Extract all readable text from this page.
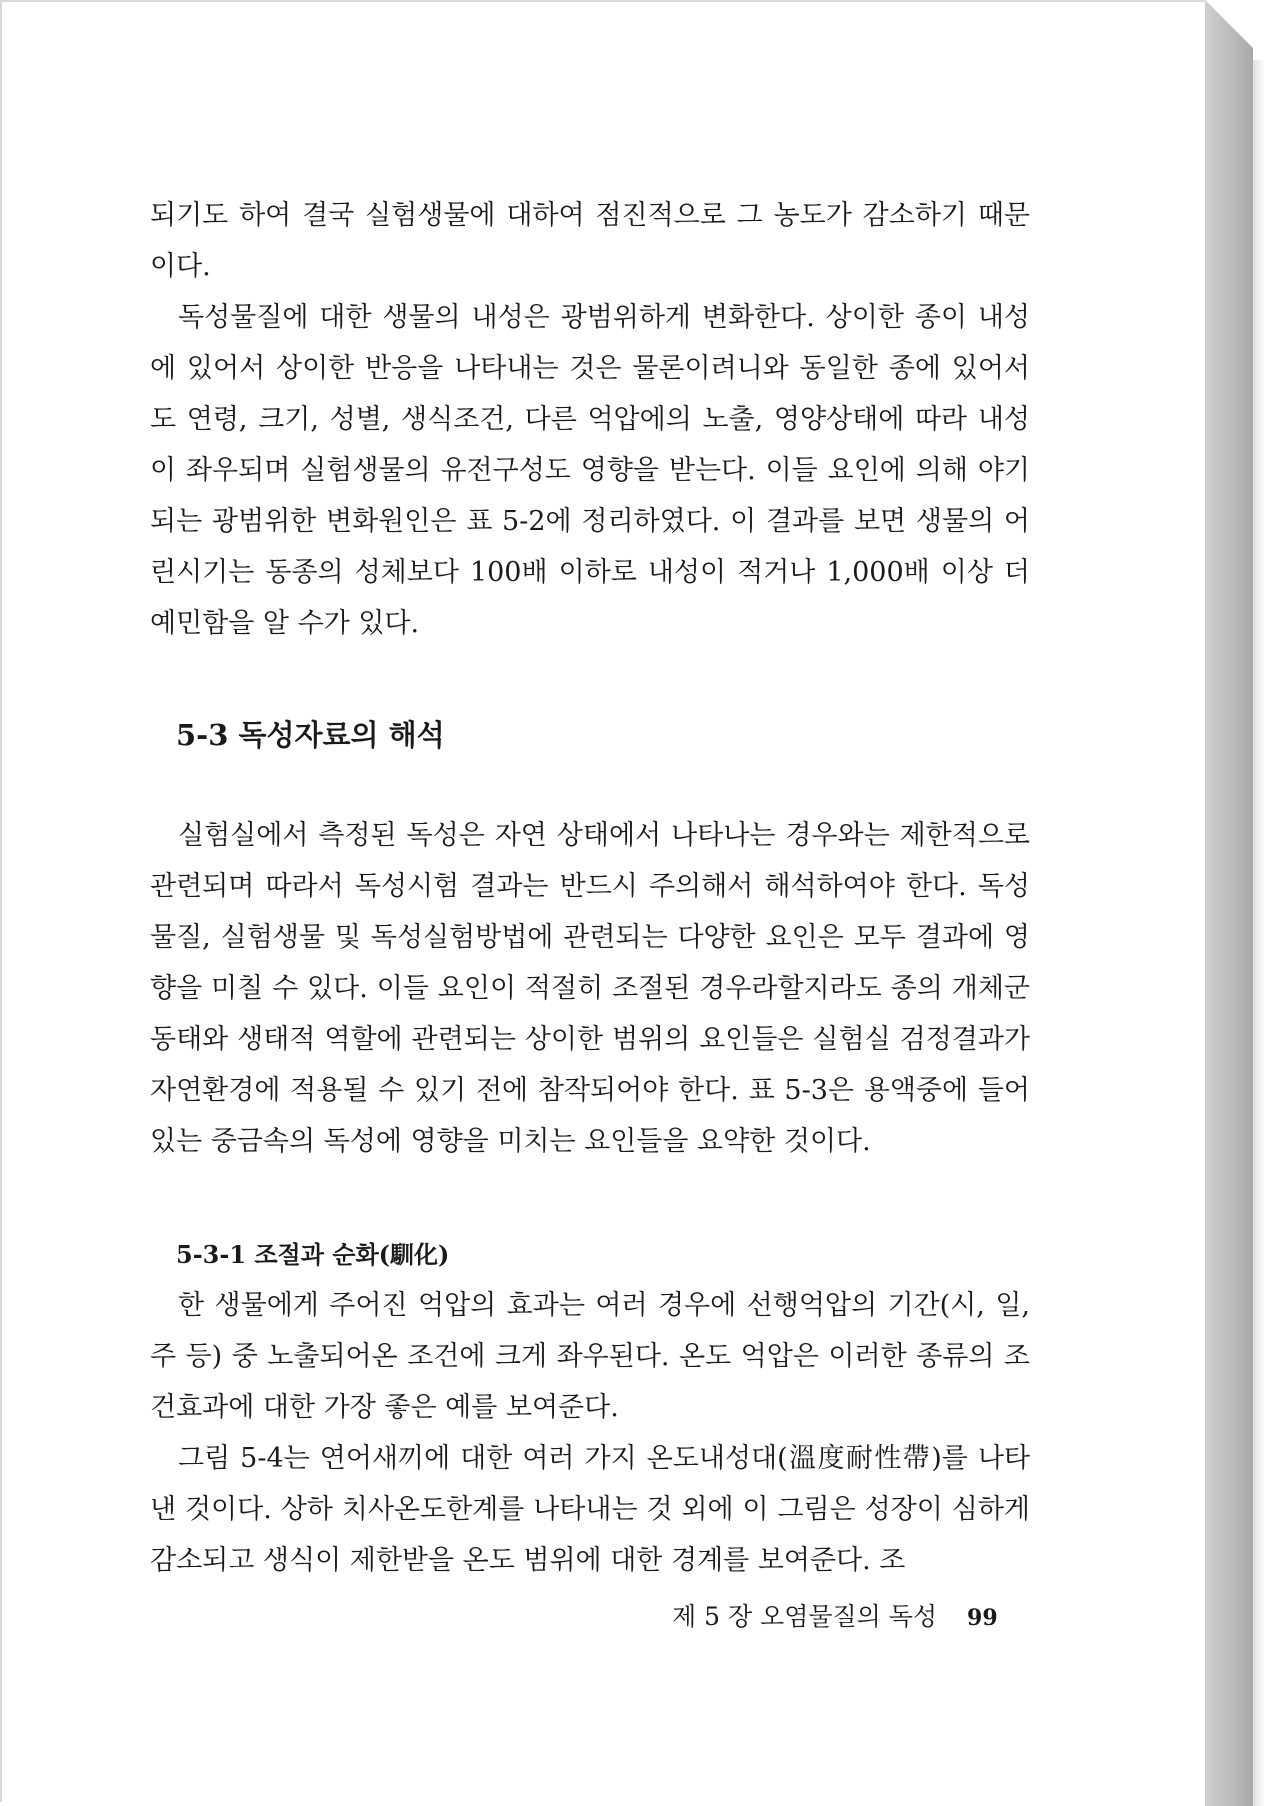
되기도 하여 결국 실험생물에 대하여 점진적으로 그 농도가 감소하기 때문이다.

독성물질에 대한 생물의 내성은 광범위하게 변화한다. 상이한 종이 내성에 있어서 상이한 반응을 나타내는 것은 물론이려니와 동일한 종에 있어서도 연령, 크기, 성별, 생식조건, 다른 억압에의 노출, 영양상태에 따라 내성이 좌우되며 실험생물의 유전구성도 영향을 받는다. 이들 요인에 의해 야기되는 광범위한 변화원인은 표 5-2에 정리하였다. 이 결과를 보면 생물의 어린시기는 동종의 성체보다 100배 이하로 내성이 적거나 1,000배 이상 더 예민함을 알 수가 있다.

5-3 독성자료의 해석

실험실에서 측정된 독성은 자연 상태에서 나타나는 경우와는 제한적으로 관련되며 따라서 독성시험 결과는 반드시 주의해서 해석하여야 한다. 독성물질, 실험생물 및 독성실험방법에 관련되는 다양한 요인은 모두 결과에 영향을 미칠 수 있다. 이들 요인이 적절히 조절된 경우라할지라도 종의 개체군 동태와 생태적 역할에 관련되는 상이한 범위의 요인들은 실험실 검정결과가 자연환경에 적용될 수 있기 전에 참작되어야 한다. 표 5-3은 용액중에 들어 있는 중금속의 독성에 영향을 미치는 요인들을 요약한 것이다.

5-3-1 조절과 순화(馴化)

한 생물에게 주어진 억압의 효과는 여러 경우에 선행억압의 기간(시, 일, 주 등) 중 노출되어온 조건에 크게 좌우된다. 온도 억압은 이러한 종류의 조건효과에 대한 가장 좋은 예를 보여준다.

그림 5-4는 연어새끼에 대한 여러 가지 온도내성대(溫度耐性帶)를 나타낸 것이다. 상하 치사온도한계를 나타내는 것 외에 이 그림은 성장이 심하게 감소되고 생식이 제한받을 온도 범위에 대한 경계를 보여준다. 조

제 5 장 오염물질의 독성 99
